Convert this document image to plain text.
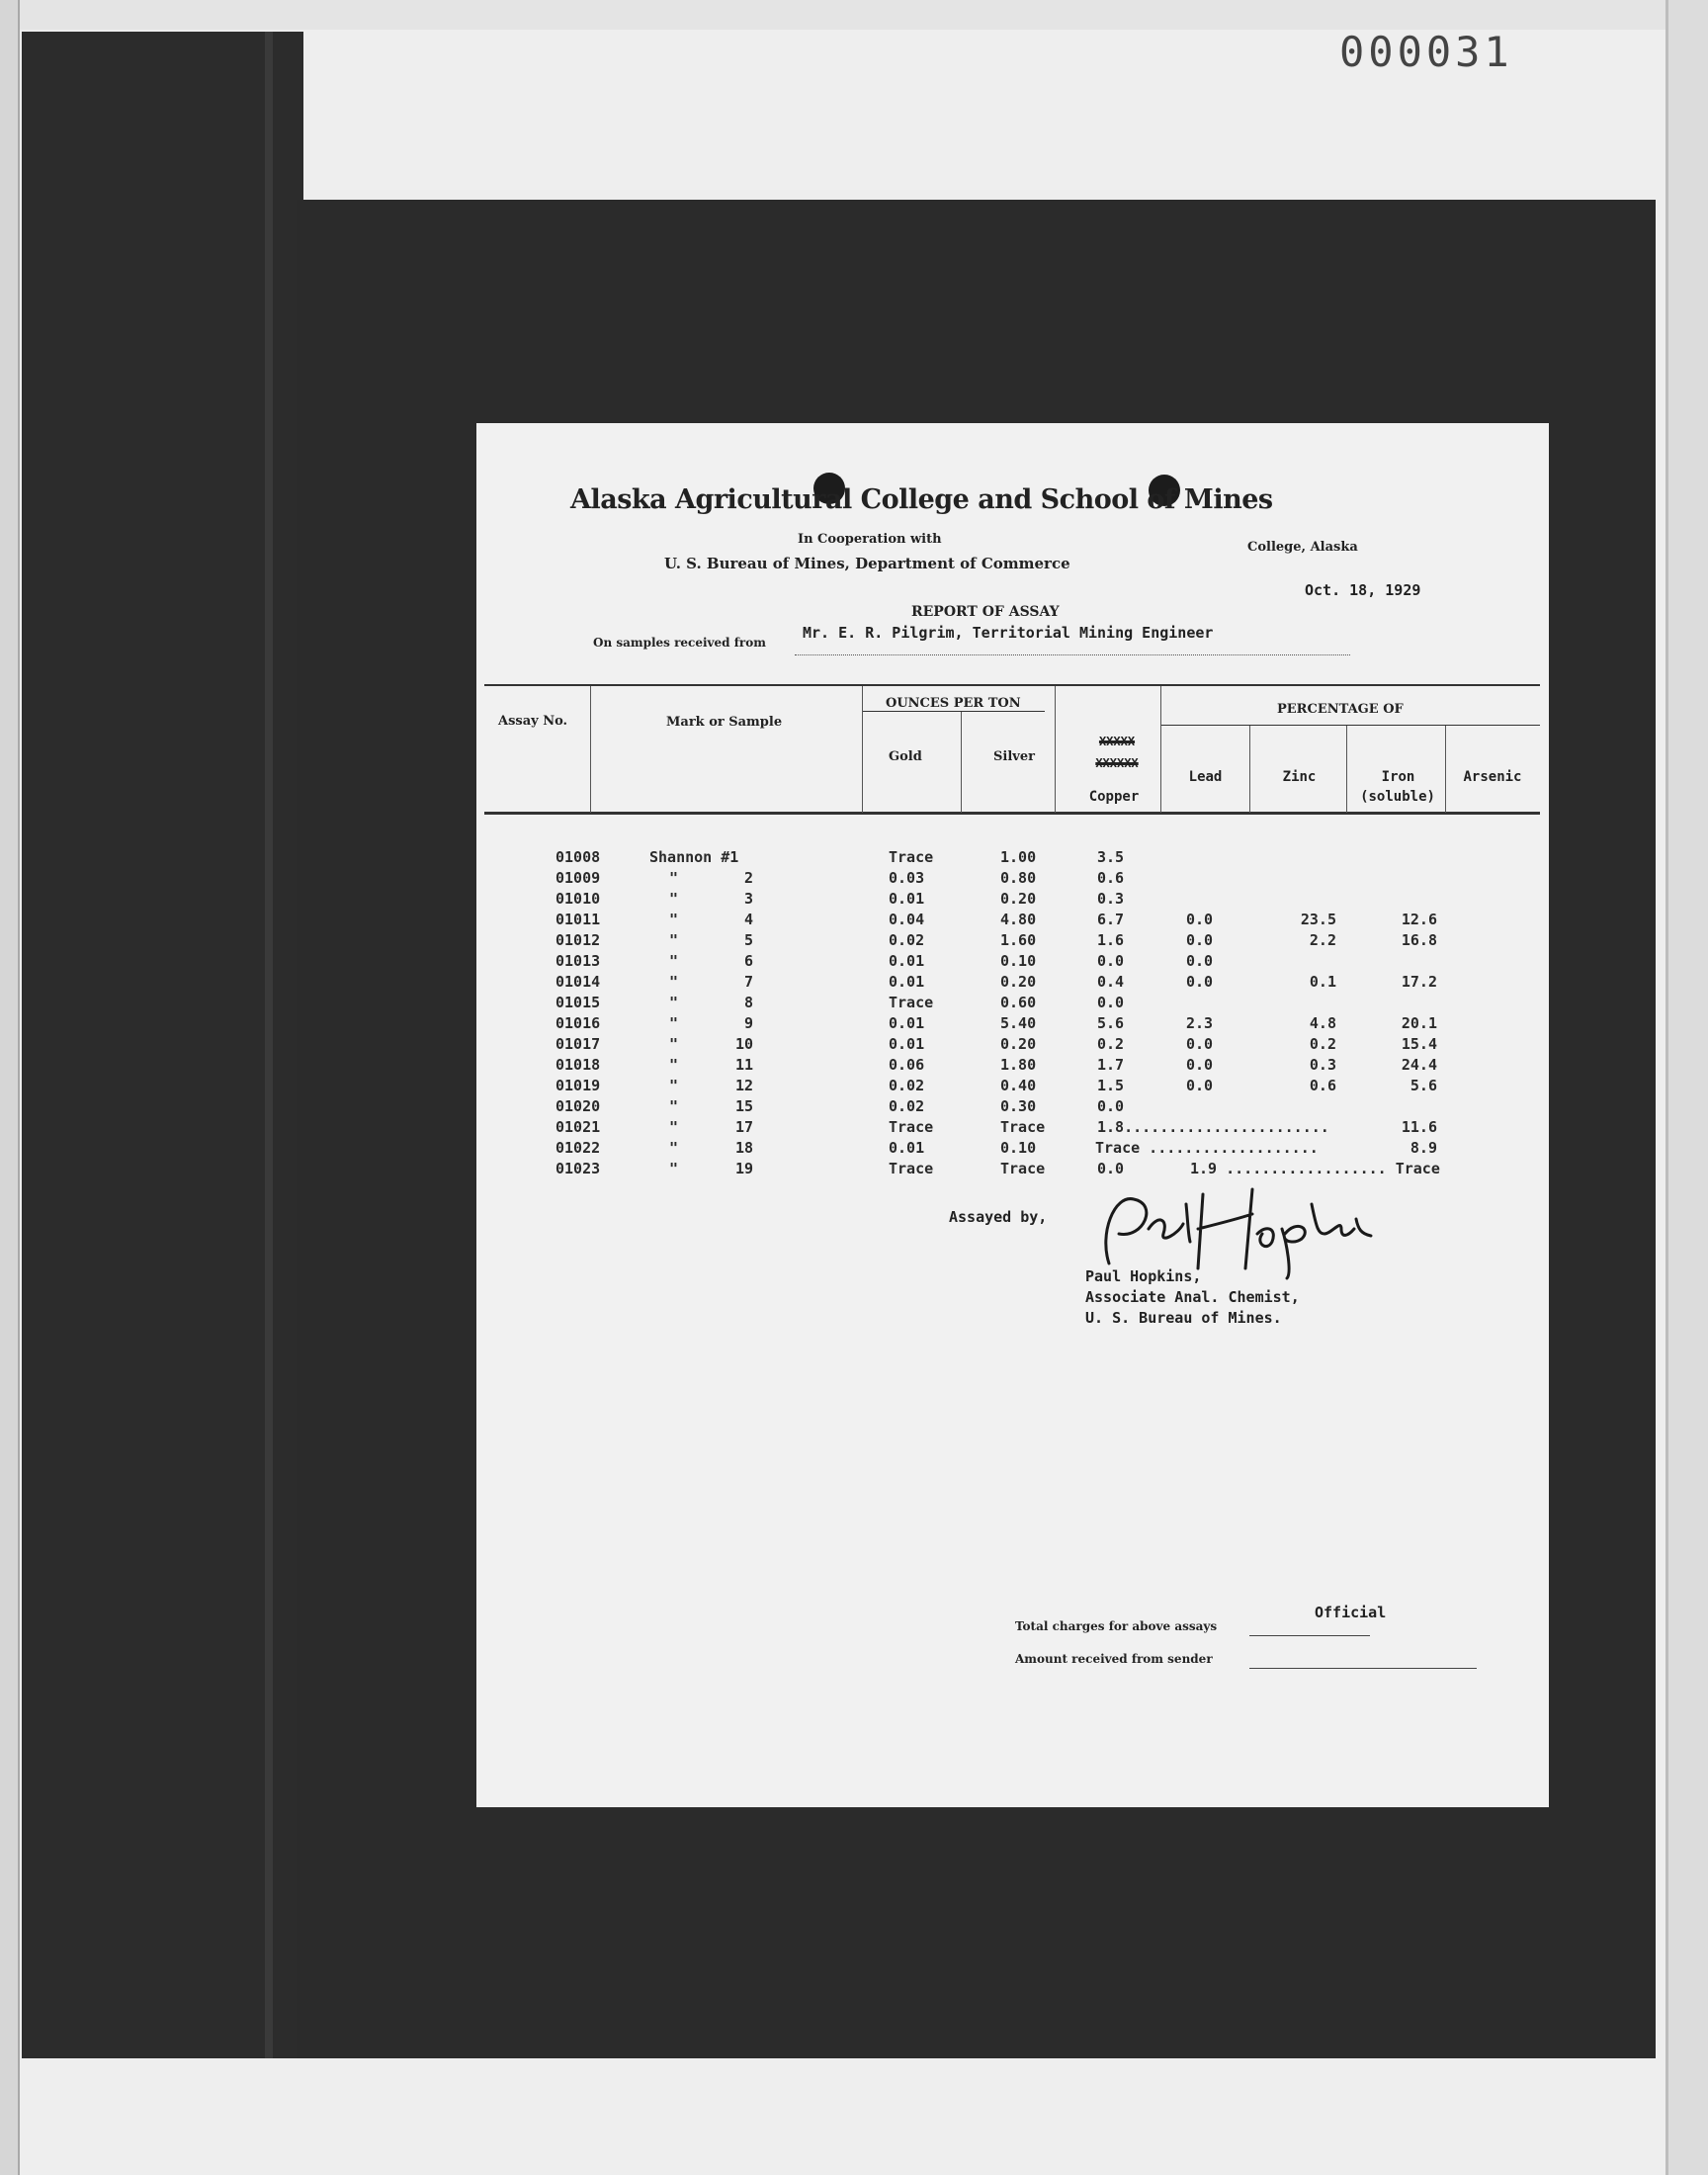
000031
Alaska Agricultural College and School of Mines
In Cooperation with
U. S. Bureau of Mines, Department of Commerce
College, Alaska
Oct. 18, 1929
REPORT OF ASSAY
On samples received from
Mr. E. R. Pilgrim, Territorial Mining Engineer
Assay No.	Mark or Sample
OUNCES PER TON
Gold	Silver
XXXXX
XXXXXX
Copper
PERCENTAGE OF
Lead	Zinc	Iron
(soluble)
Arsenic
01008	Shannon #1	Trace	1.00	3.5
01009	"	2	0.03	0.80	0.6
01010	"	3	0.01	0.20	0.3
01011	"	4	0.04	4.80	6.7	0.0	23.5	12.6
01012	"	5	0.02	1.60	1.6	0.0	2.2	16.8
01013	"	6	0.01	0.10	0.0	0.0
01014	"	7	0.01	0.20	0.4	0.0	0.1	17.2
01015	"	8	Trace	0.60	0.0
01016	"	9	0.01	5.40	5.6	2.3	4.8	20.1
01017	"	10	0.01	0.20	0.2	0.0	0.2	15.4
01018	"	11	0.06	1.80	1.7	0.0	0.3	24.4
01019	"	12	0.02	0.40	1.5	0.0	0.6	5.6
01020	"	15	0.02	0.30	0.0
01021	"	17	Trace	Trace	1.8.......................	11.6
01022	"	18	0.01	0.10	Trace ...................	8.9
01023	"	19	Trace	Trace	0.0	1.9 .................. Trace
Assayed by,
Paul Hopkins,
Associate Anal. Chemist,
U. S. Bureau of Mines.
Total charges for above assays
Official
Amount received from sender
